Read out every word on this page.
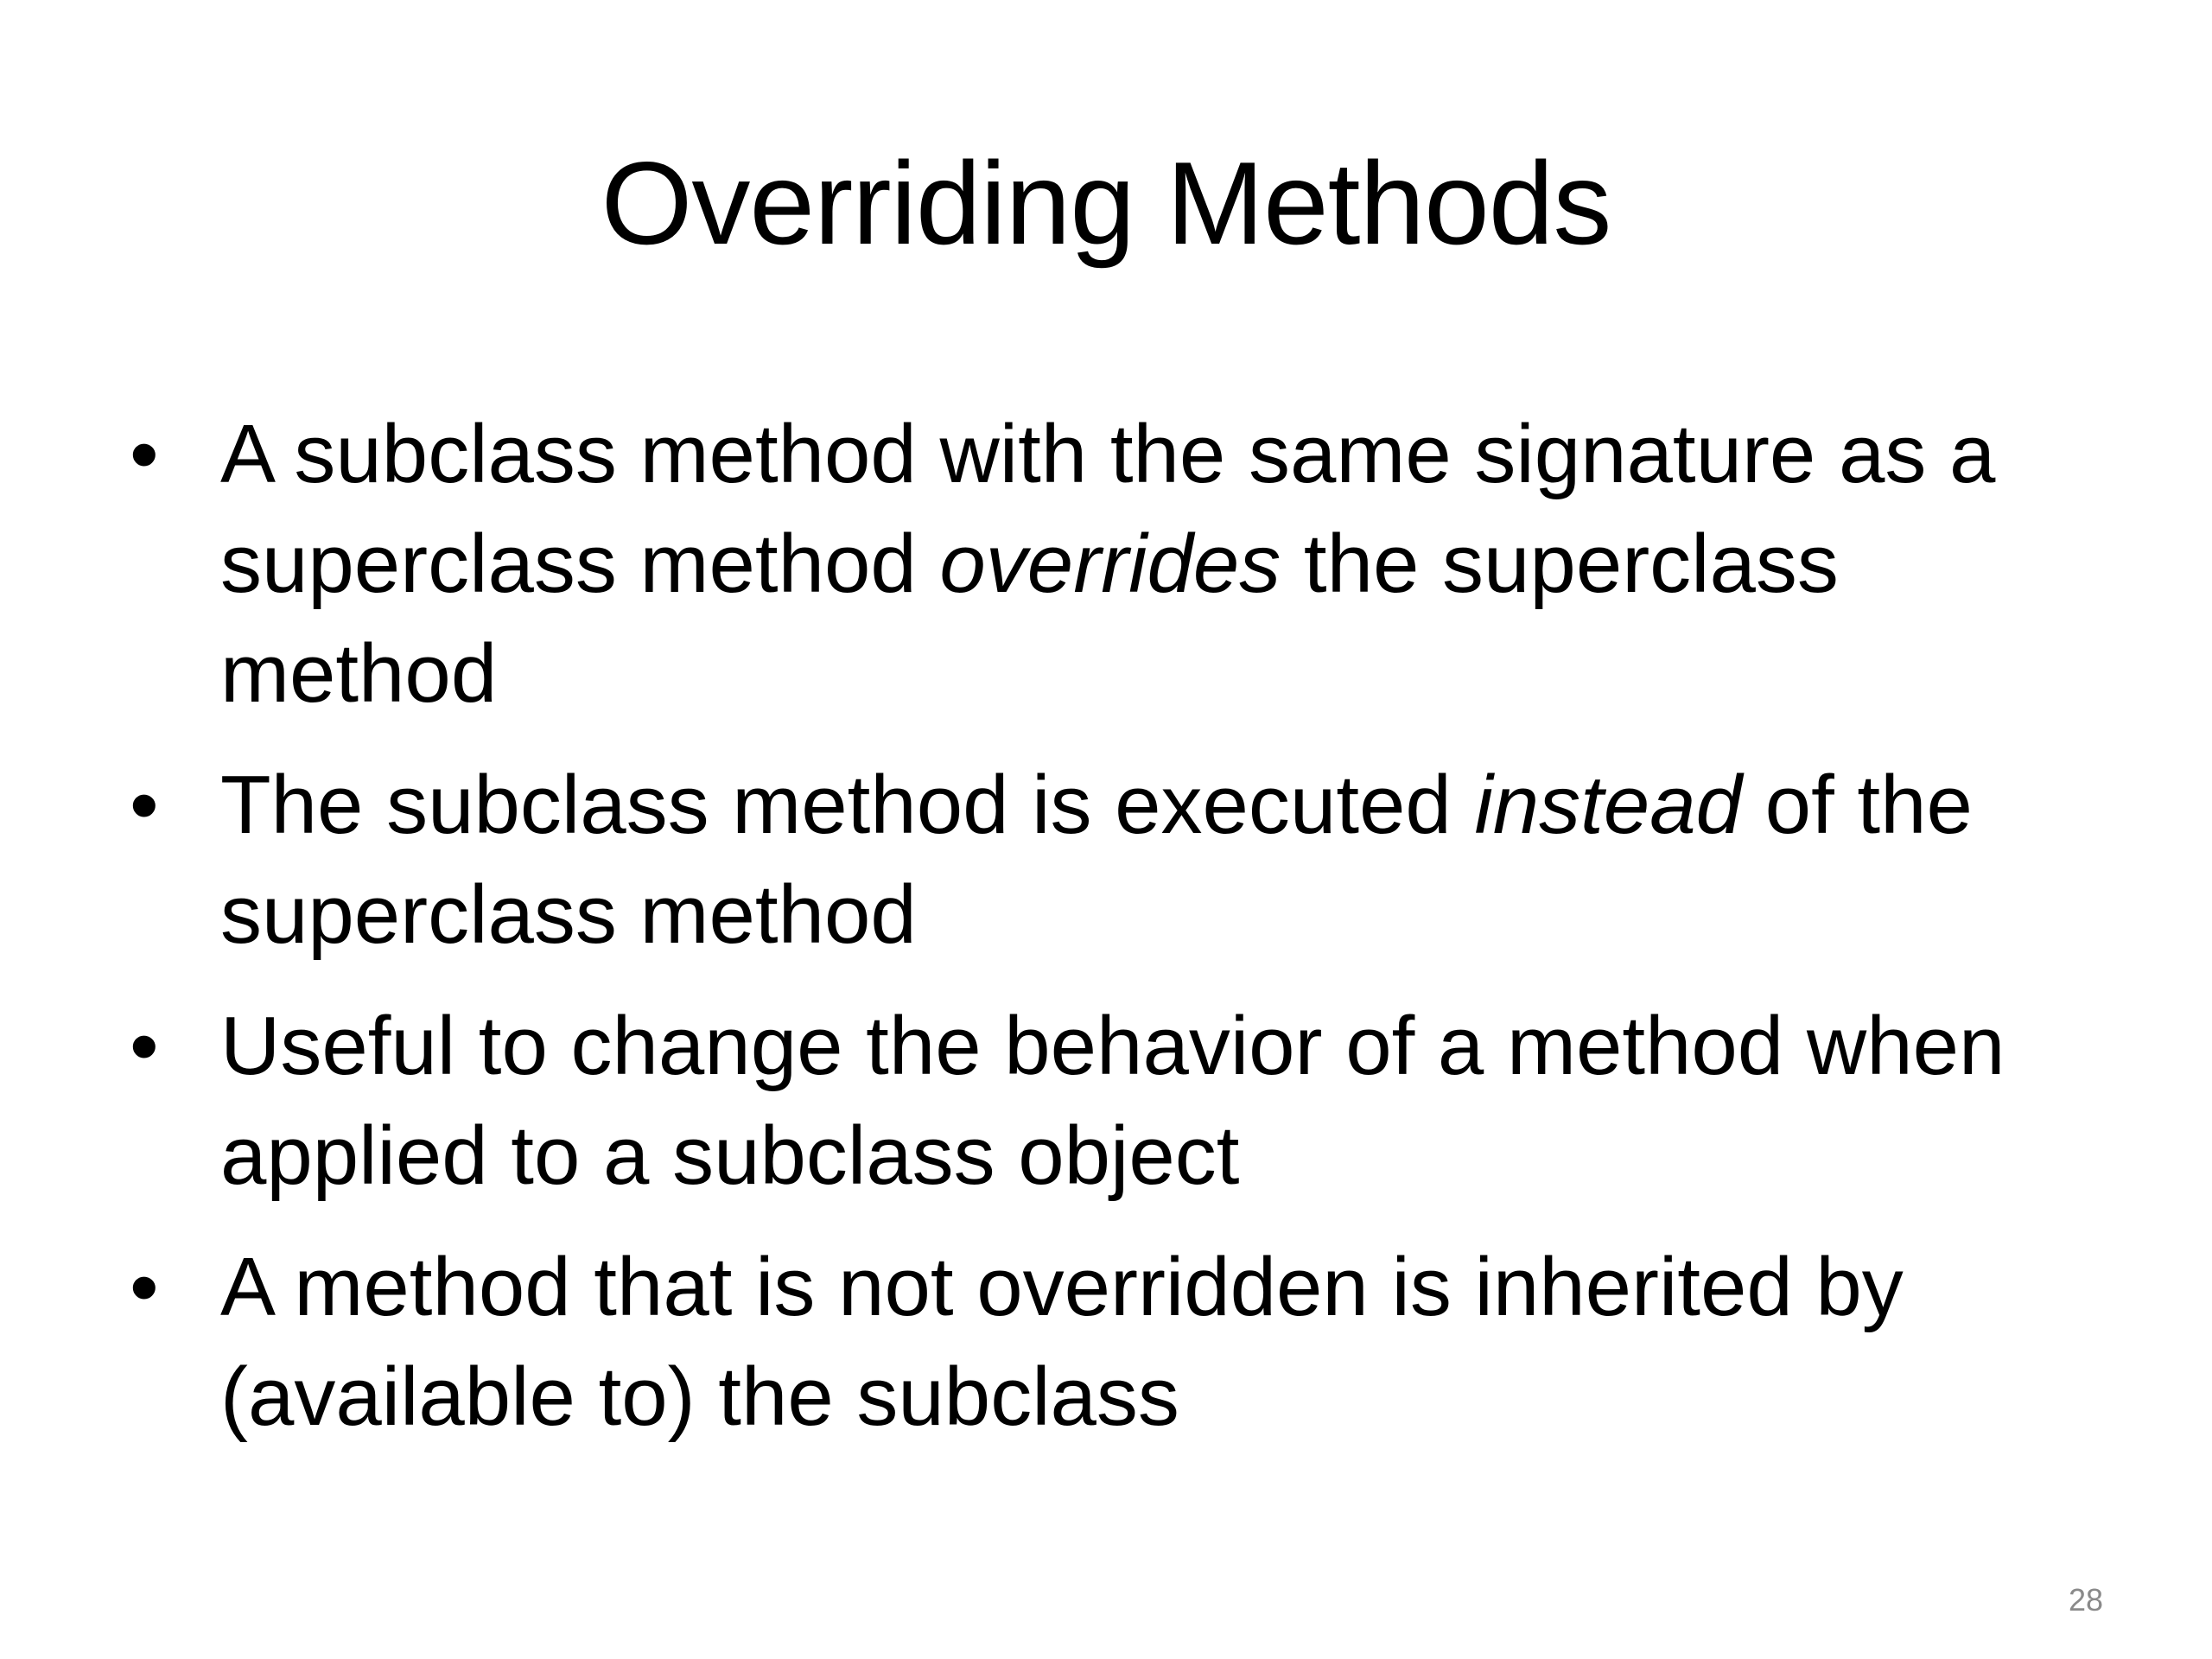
Overriding Methods
• A subclass method with the same signature as a superclass method overrides the superclass method
• The subclass method is executed instead of the superclass method
• Useful to change the behavior of a method when applied to a subclass object
• A method that is not overridden is inherited by (available to) the subclass
28
